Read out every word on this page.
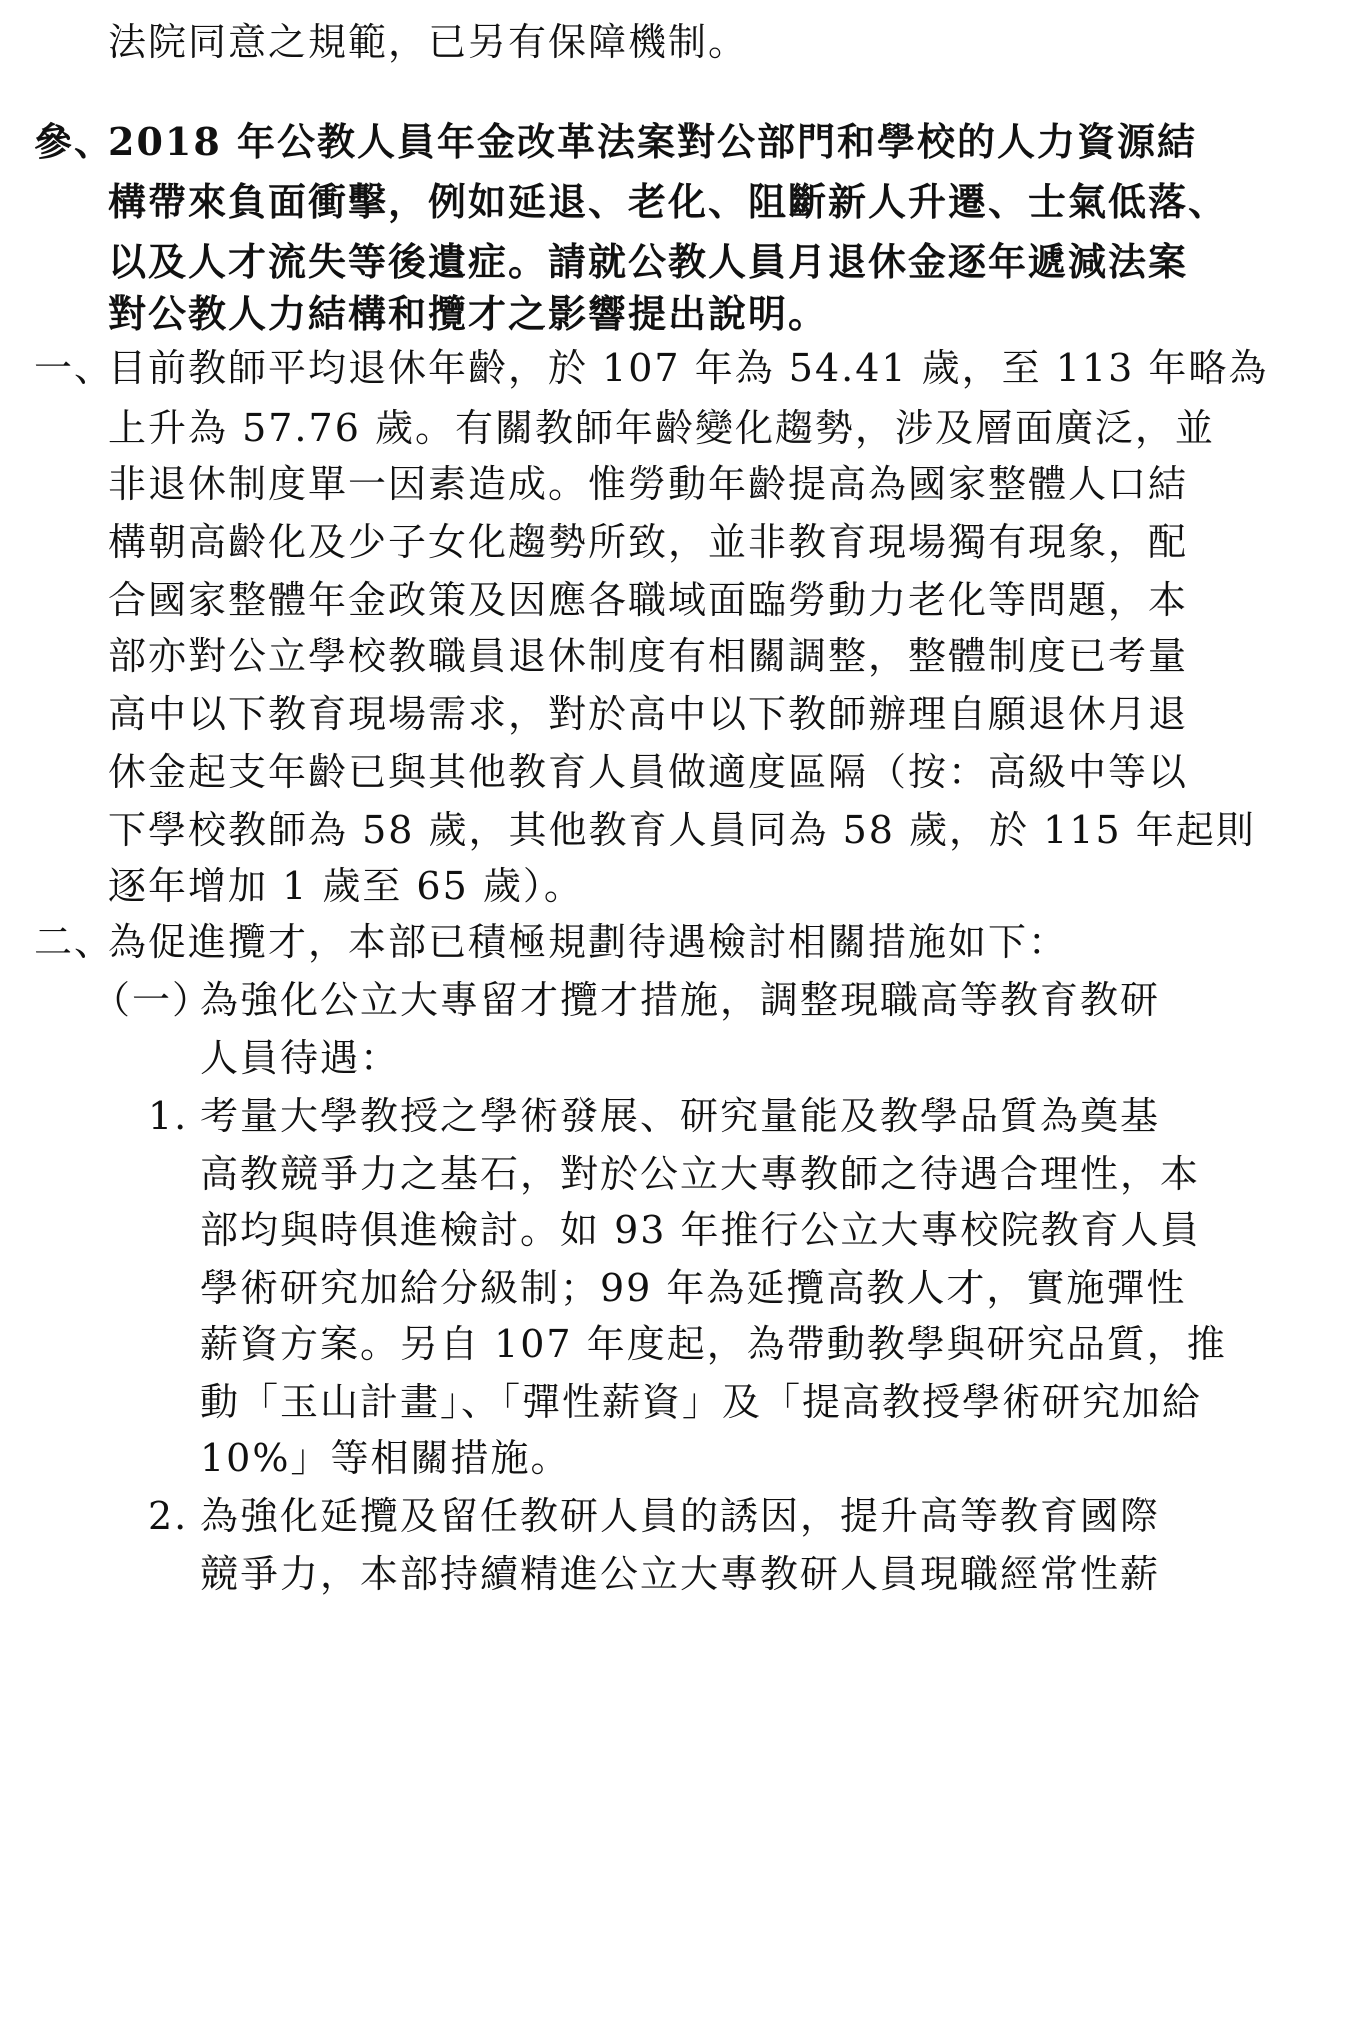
法院同意之規範，已另有保障機制。
參、
2018 年公教人員年金改革法案對公部門和學校的人力資源結
構帶來負面衝擊，例如延退、老化、阻斷新人升遷、士氣低落、
以及人才流失等後遺症。請就公教人員月退休金逐年遞減法案
對公教人力結構和攬才之影響提出說明。
一、
目前教師平均退休年齡，於 107 年為 54.41 歲，至 113 年略為
上升為 57.76 歲。有關教師年齡變化趨勢，涉及層面廣泛，並
非退休制度單一因素造成。惟勞動年齡提高為國家整體人口結
構朝高齡化及少子女化趨勢所致，並非教育現場獨有現象，配
合國家整體年金政策及因應各職域面臨勞動力老化等問題，本
部亦對公立學校教職員退休制度有相關調整，整體制度已考量
高中以下教育現場需求，對於高中以下教師辦理自願退休月退
休金起支年齡已與其他教育人員做適度區隔（按：高級中等以
下學校教師為 58 歲，其他教育人員同為 58 歲，於 115 年起則
逐年增加 1 歲至 65 歲）。
二、
為促進攬才，本部已積極規劃待遇檢討相關措施如下：
（一）
為強化公立大專留才攬才措施，調整現職高等教育教研
人員待遇：
1. 考量大學教授之學術發展、研究量能及教學品質為奠基
高教競爭力之基石，對於公立大專教師之待遇合理性，本
部均與時俱進檢討。如 93 年推行公立大專校院教育人員
學術研究加給分級制；99 年為延攬高教人才，實施彈性
薪資方案。另自 107 年度起，為帶動教學與研究品質，推
動「玉山計畫」、「彈性薪資」及「提高教授學術研究加給
10%」等相關措施。
2. 為強化延攬及留任教研人員的誘因，提升高等教育國際
競爭力，本部持續精進公立大專教研人員現職經常性薪
